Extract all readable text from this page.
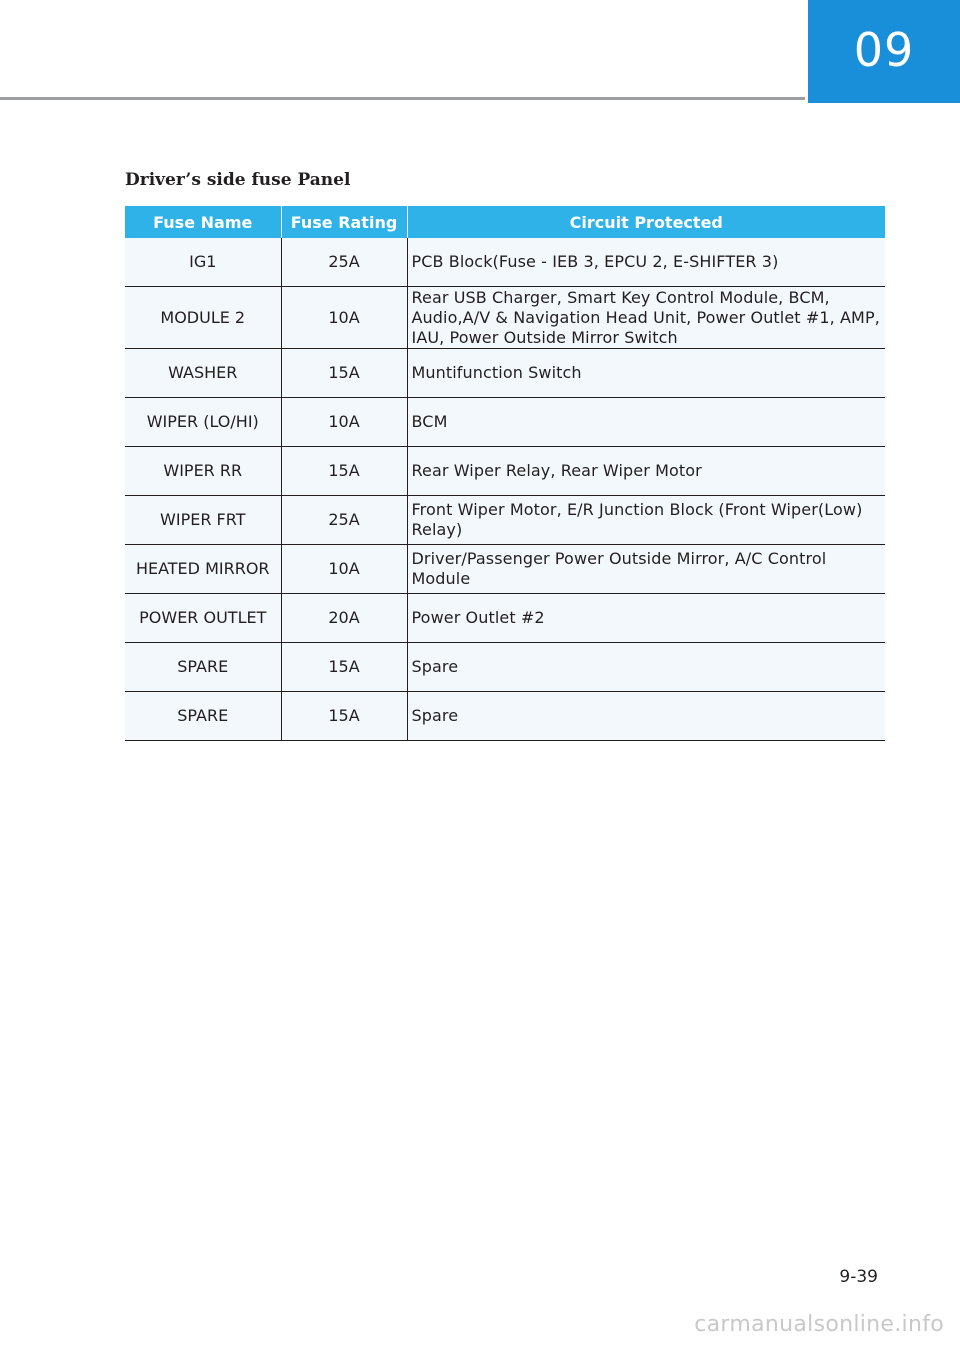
09
Driver’s side fuse Panel
Fuse Name	Fuse Rating	Circuit Protected
IG1	25A	PCB Block(Fuse - IEB 3, EPCU 2, E-SHIFTER 3)
MODULE 2	10A	Rear USB Charger, Smart Key Control Module, BCM, Audio,A/V & Navigation Head Unit, Power Outlet #1, AMP, IAU, Power Outside Mirror Switch
WASHER	15A	Muntifunction Switch
WIPER (LO/HI)	10A	BCM
WIPER RR	15A	Rear Wiper Relay, Rear Wiper Motor
WIPER FRT	25A	Front Wiper Motor, E/R Junction Block (Front Wiper(Low) Relay)
HEATED MIRROR	10A	Driver/Passenger Power Outside Mirror, A/C Control Module
POWER OUTLET	20A	Power Outlet #2
SPARE	15A	Spare
SPARE	15A	Spare
9-39
carmanualsonline.info
